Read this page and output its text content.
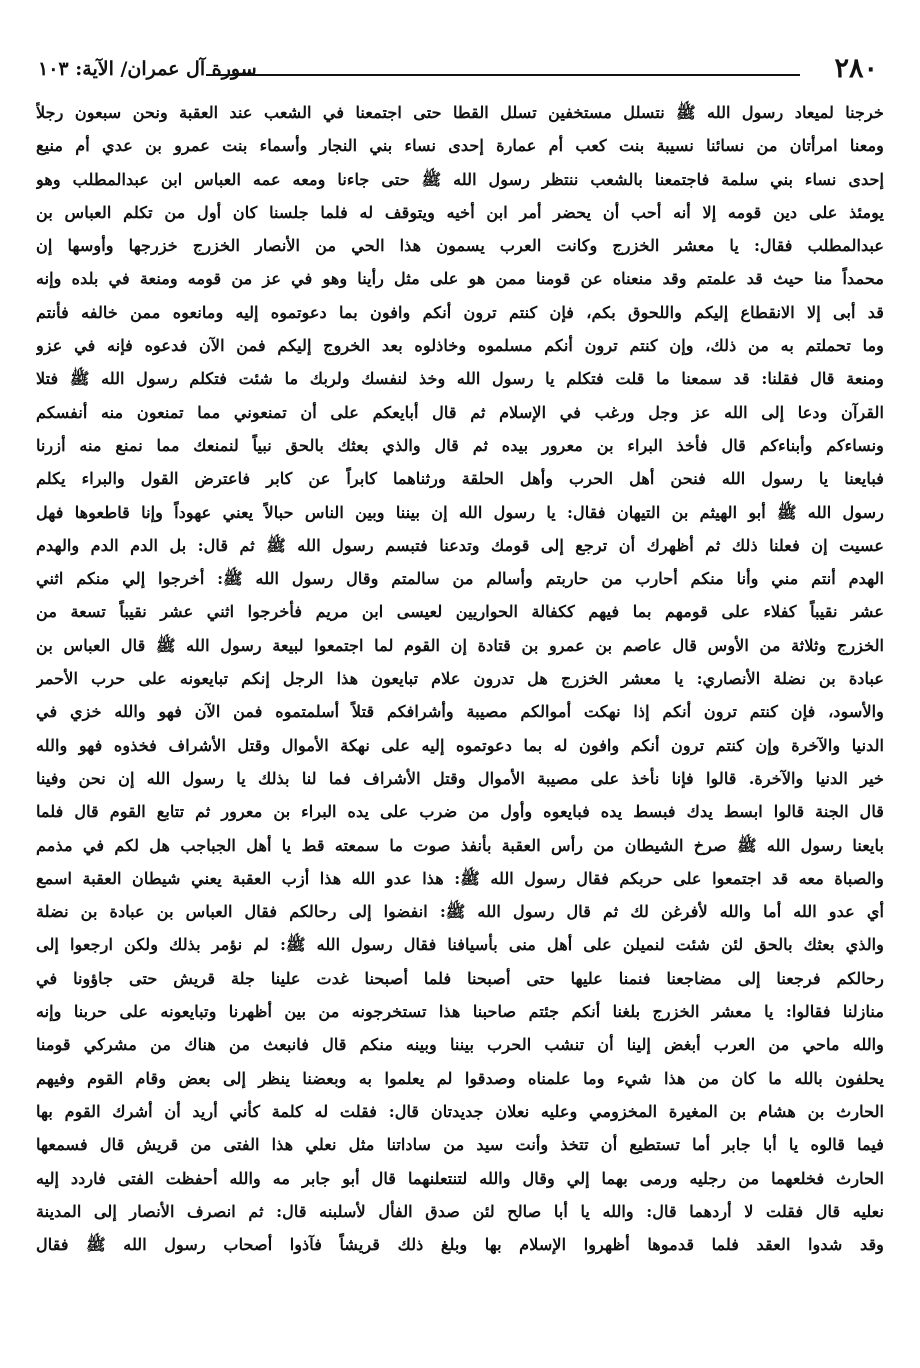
٢٨٠
سورة آل عمران/ الآية: ١٠٣
خرجنا لميعاد رسول الله ﷺ نتسلل مستخفين تسلل القطا حتى اجتمعنا في الشعب عند العقبة ونحن سبعون رجلاً
ومعنا امرأتان من نسائنا نسيبة بنت كعب أم عمارة إحدى نساء بني النجار وأسماء بنت عمرو بن عدي أم منيع
إحدى نساء بني سلمة فاجتمعنا بالشعب ننتظر رسول الله ﷺ حتى جاءنا ومعه عمه العباس ابن عبدالمطلب وهو
يومئذ على دين قومه إلا أنه أحب أن يحضر أمر ابن أخيه ويتوقف له فلما جلسنا كان أول من تكلم العباس بن
عبدالمطلب فقال: يا معشر الخزرج وكانت العرب يسمون هذا الحي من الأنصار الخزرج خزرجها وأوسها إن
محمداً منا حيث قد علمتم وقد منعناه عن قومنا ممن هو على مثل رأينا وهو في عز من قومه ومنعة في بلده وإنه
قد أبى إلا الانقطاع إليكم واللحوق بكم، فإن كنتم ترون أنكم وافون بما دعوتموه إليه ومانعوه ممن خالفه فأنتم
وما تحملتم به من ذلك، وإن كنتم ترون أنكم مسلموه وخاذلوه بعد الخروج إليكم فمن الآن فدعوه فإنه في عزو
ومنعة قال فقلنا: قد سمعنا ما قلت فتكلم يا رسول الله وخذ لنفسك ولربك ما شئت فتكلم رسول الله ﷺ فتلا
القرآن ودعا إلى الله عز وجل ورغب في الإسلام ثم قال أبايعكم على أن تمنعوني مما تمنعون منه أنفسكم
ونساءكم وأبناءكم قال فأخذ البراء بن معرور بيده ثم قال والذي بعثك بالحق نبياً لنمنعك مما نمنع منه أزرنا
فبايعنا يا رسول الله فنحن أهل الحرب وأهل الحلقة ورثناهما كابراً عن كابر فاعترض القول والبراء يكلم
رسول الله ﷺ أبو الهيثم بن التيهان فقال: يا رسول الله إن بيننا وبين الناس حبالاً يعني عهوداً وإنا قاطعوها فهل
عسيت إن فعلنا ذلك ثم أظهرك أن ترجع إلى قومك وتدعنا فتبسم رسول الله ﷺ ثم قال: بل الدم الدم والهدم
الهدم أنتم مني وأنا منكم أحارب من حاربتم وأسالم من سالمتم وقال رسول الله ﷺ: أخرجوا إلي منكم اثني
عشر نقيباً كفلاء على قومهم بما فيهم ككفالة الحواريين لعيسى ابن مريم فأخرجوا اثني عشر نقيباً تسعة من
الخزرج وثلاثة من الأوس قال عاصم بن عمرو بن قتادة إن القوم لما اجتمعوا لبيعة رسول الله ﷺ قال العباس بن
عبادة بن نضلة الأنصاري: يا معشر الخزرج هل تدرون علام تبايعون هذا الرجل إنكم تبايعونه على حرب الأحمر
والأسود، فإن كنتم ترون أنكم إذا نهكت أموالكم مصيبة وأشرافكم قتلاً أسلمتموه فمن الآن فهو والله خزي في
الدنيا والآخرة وإن كنتم ترون أنكم وافون له بما دعوتموه إليه على نهكة الأموال وقتل الأشراف فخذوه فهو والله
خير الدنيا والآخرة. قالوا فإنا نأخذ على مصيبة الأموال وقتل الأشراف فما لنا بذلك يا رسول الله إن نحن وفينا
قال الجنة قالوا ابسط يدك فبسط يده فبايعوه وأول من ضرب على يده البراء بن معرور ثم تتابع القوم قال فلما
بايعنا رسول الله ﷺ صرخ الشيطان من رأس العقبة بأنفذ صوت ما سمعته قط يا أهل الجباجب هل لكم في مذمم
والصباة معه قد اجتمعوا على حربكم فقال رسول الله ﷺ: هذا عدو الله هذا أزب العقبة يعني شيطان العقبة اسمع
أي عدو الله أما والله لأفرغن لك ثم قال رسول الله ﷺ: انفضوا إلى رحالكم فقال العباس بن عبادة بن نضلة
والذي بعثك بالحق لئن شئت لنميلن على أهل منى بأسيافنا فقال رسول الله ﷺ: لم نؤمر بذلك ولكن ارجعوا إلى
رحالكم فرجعنا إلى مضاجعنا فنمنا عليها حتى أصبحنا فلما أصبحنا غدت علينا جلة قريش حتى جاؤونا في
منازلنا فقالوا: يا معشر الخزرج بلغنا أنكم جئتم صاحبنا هذا تستخرجونه من بين أظهرنا وتبايعونه على حربنا وإنه
والله ماحي من العرب أبغض إلينا أن تنشب الحرب بيننا وبينه منكم قال فانبعث من هناك من مشركي قومنا
يحلفون بالله ما كان من هذا شيء وما علمناه وصدقوا لم يعلموا به وبعضنا ينظر إلى بعض وقام القوم وفيهم
الحارث بن هشام بن المغيرة المخزومي وعليه نعلان جديدتان قال: فقلت له كلمة كأني أريد أن أشرك القوم بها
فيما قالوه يا أبا جابر أما تستطيع أن تتخذ وأنت سيد من ساداتنا مثل نعلي هذا الفتى من قريش قال فسمعها
الحارث فخلعهما من رجليه ورمى بهما إلي وقال والله لتنتعلنهما قال أبو جابر مه والله أحفظت الفتى فاردد إليه
نعليه قال فقلت لا أردهما قال: والله يا أبا صالح لئن صدق الفأل لأسلبنه قال: ثم انصرف الأنصار إلى المدينة
وقد شدوا العقد فلما قدموها أظهروا الإسلام بها وبلغ ذلك قريشاً فآذوا أصحاب رسول الله ﷺ فقال
